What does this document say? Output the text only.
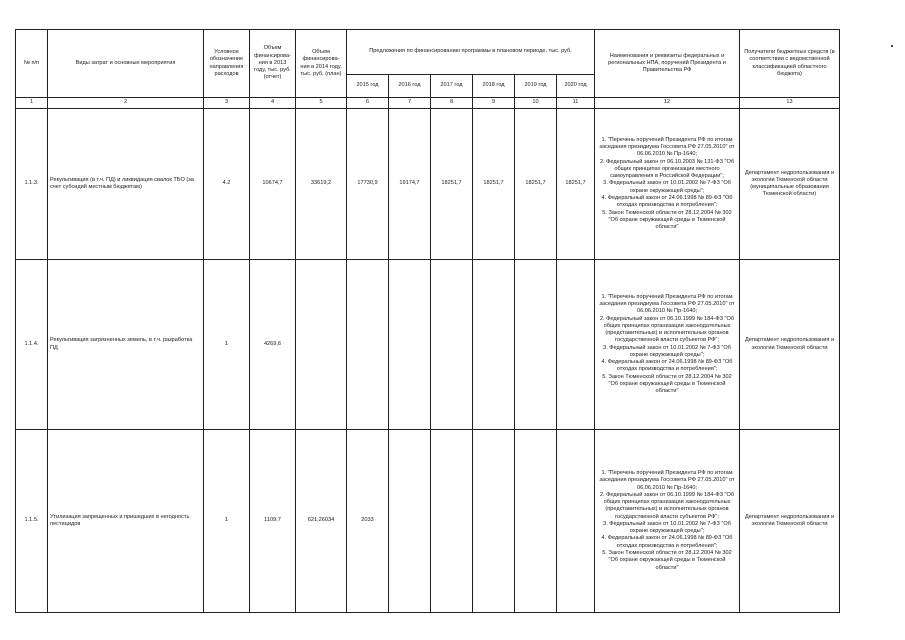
№ п/п	Виды затрат и основные мероприятия	Условное обозначение направления расходов	Объем финансирова-ния в 2013 году, тыс. руб. (отчет)	Объем финансирова-ния в 2014 году, тыс. руб. (план)	Предложения по финансированию программы в плановом периоде, тыс. руб.						Наименования и реквизиты федеральных и региональных НПА, поручений Президента и Правительства РФ	Получатели бюджетных средств (в соответствии с ведомственной классификацией областного бюджета)
					2015 год	2016 год	2017 год	2018 год	2019 год	2020 год		
1	2	3	4	5	6	7	8	9	10	11	12	13
1.1.3.	Рекультивация (в т.ч. ПД) и ликвидация свалок ТБО (за счет субсидий местным бюджетам)	4.2	10674,7	33619,2	17730,9	19174,7	18251,7	18251,7	18251,7	18251,7	1. "Перечень поручений Президента РФ по итогам заседания президиума Госсовета РФ 27.05.2010" от 06.06.2010 № Пр-1640;
2. Федеральный закон от 06.10.2003 № 131-ФЗ "Об общих принципах организации местного самоуправления в Российской Федерации";
3. Федеральный закон от 10.01.2002 № 7-ФЗ "Об охране окружающей среды";
4. Федеральный закон от 24.06.1998 № 89-ФЗ "Об отходах производства и потребления";
5. Закон Тюменской области от 28.12.2004 № 302 "Об охране окружающей среды в Тюменской области"	Департамент недропользования и экологии Тюменской области (муниципальные образования Тюменской области)
1.1.4.	Рекультивация загрязненных земель, в т.ч. разработка ПД	1	4269,6								1. "Перечень поручений Президента РФ по итогам заседания президиума Госсовета РФ 27.05.2010" от 06.06.2010 № Пр-1640;
2. Федеральный закон от 06.10.1999 № 184-ФЗ "Об общих принципах организации законодательных (представительных) и исполнительных органов государственной власти субъектов РФ";
3. Федеральный закон от 10.01.2002 № 7-ФЗ "Об охране окружающей среды";
4. Федеральный закон от 24.06.1998 № 89-ФЗ "Об отходах производства и потребления";
5. Закон Тюменской области от 28.12.2004 № 302 "Об охране окружающей среды в Тюменской области"	Департамент недропользования и экологии Тюменской области
1.1.5.	Утилизация запрещенных и пришедших в негодность пестицидов	1	1109,7	621,26034	2033						1. "Перечень поручений Президента РФ по итогам заседания президиума Госсовета РФ 27.05.2010" от 06.06.2010 № Пр-1640;
2. Федеральный закон от 06.10.1999 № 184-ФЗ "Об общих принципах организации законодательных (представительных) и исполнительных органов государственной власти субъектов РФ";
3. Федеральный закон от 10.01.2002 № 7-ФЗ "Об охране окружающей среды";
4. Федеральный закон от 24.06.1998 № 89-ФЗ "Об отходах производства и потребления";
5. Закон Тюменской области от 28.12.2004 № 302 "Об охране окружающей среды в Тюменской области"	Департамент недропользования и экологии Тюменской области
